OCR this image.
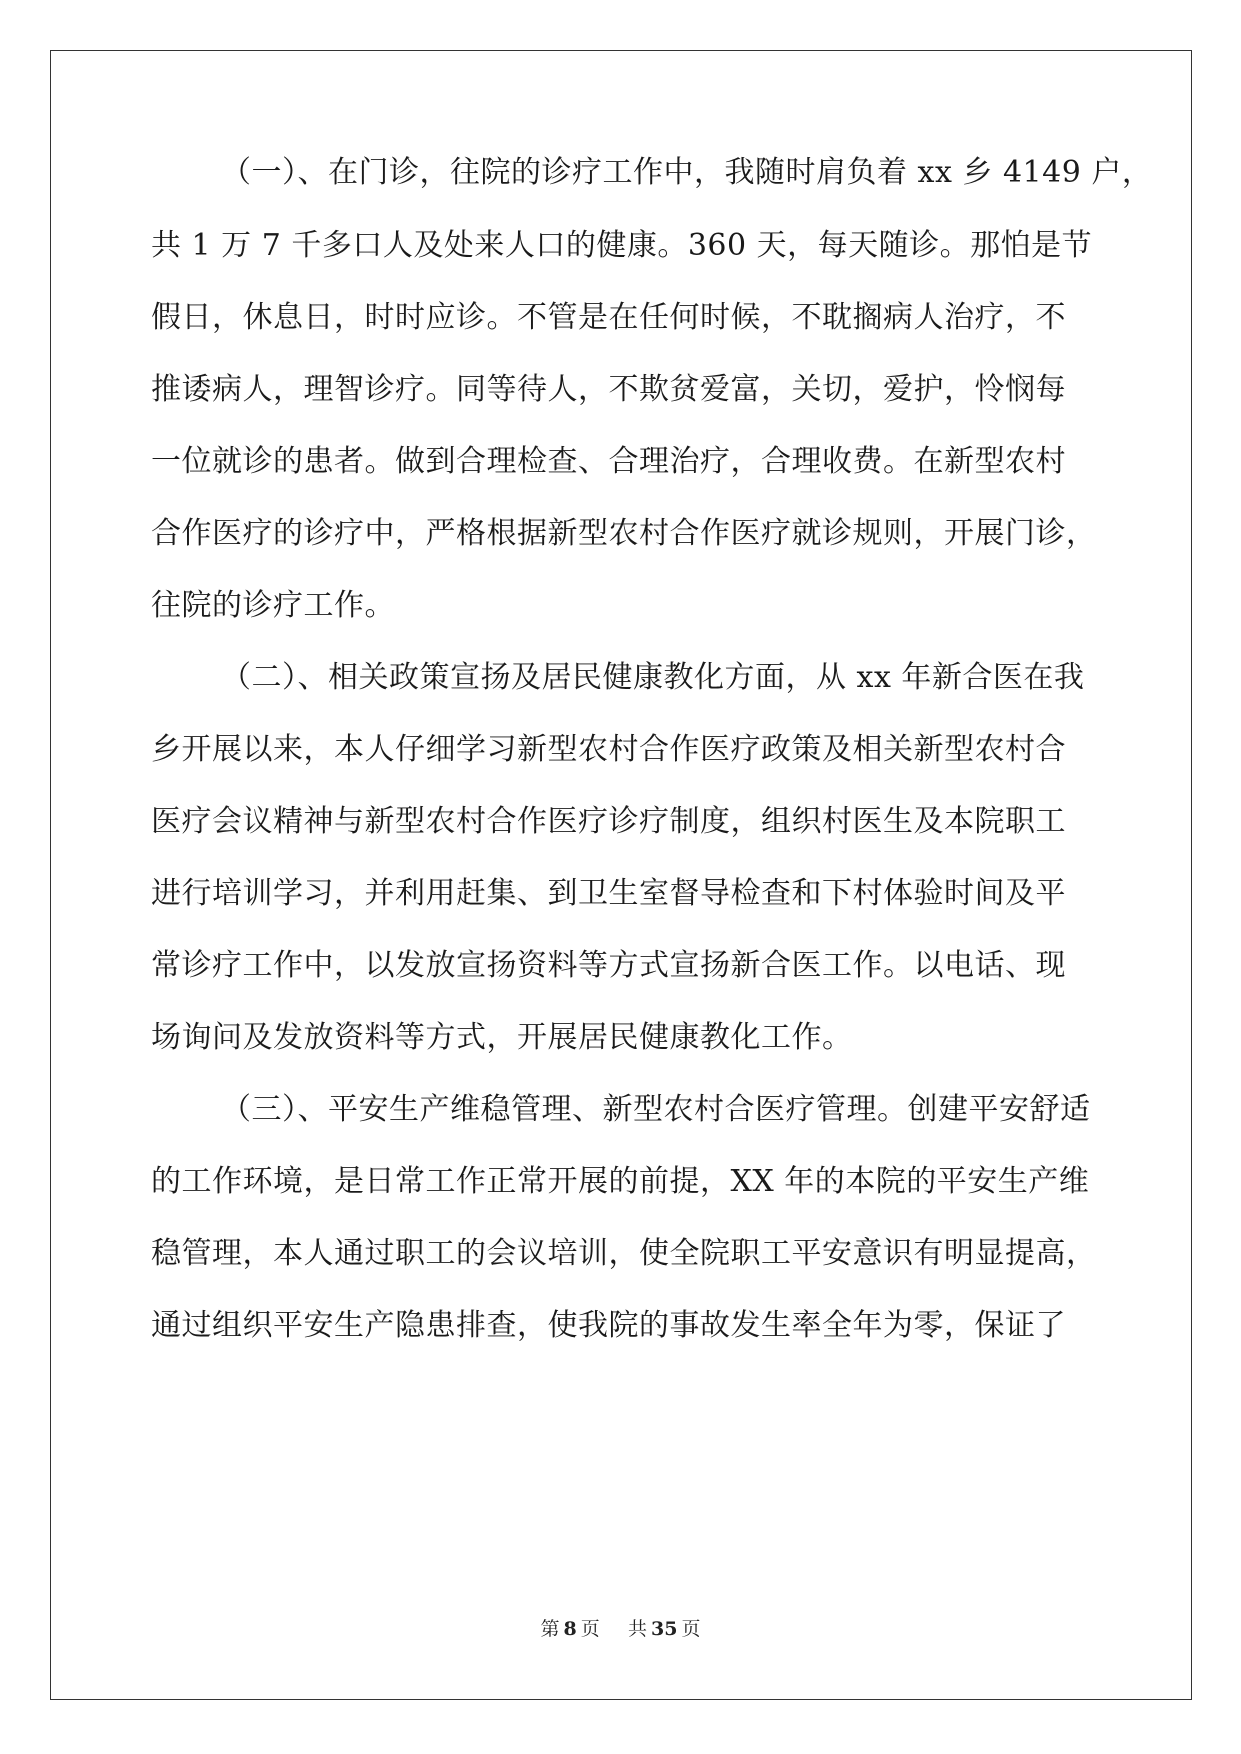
（一）、在门诊，往院的诊疗工作中，我随时肩负着 xx 乡 4149 户，
共 1 万 7 千多口人及处来人口的健康。360 天，每天随诊。那怕是节
假日，休息日，时时应诊。不管是在任何时候，不耽搁病人治疗，不
推诿病人，理智诊疗。同等待人，不欺贫爱富，关切，爱护，怜悯每
一位就诊的患者。做到合理检查、合理治疗，合理收费。在新型农村
合作医疗的诊疗中，严格根据新型农村合作医疗就诊规则，开展门诊，
往院的诊疗工作。
（二）、相关政策宣扬及居民健康教化方面，从 xx 年新合医在我
乡开展以来，本人仔细学习新型农村合作医疗政策及相关新型农村合
医疗会议精神与新型农村合作医疗诊疗制度，组织村医生及本院职工
进行培训学习，并利用赶集、到卫生室督导检查和下村体验时间及平
常诊疗工作中，以发放宣扬资料等方式宣扬新合医工作。以电话、现
场询问及发放资料等方式，开展居民健康教化工作。
（三）、平安生产维稳管理、新型农村合医疗管理。创建平安舒适
的工作环境，是日常工作正常开展的前提，XX 年的本院的平安生产维
稳管理，本人通过职工的会议培训，使全院职工平安意识有明显提高，
通过组织平安生产隐患排查，使我院的事故发生率全年为零，保证了
第 8 页 共 35 页
